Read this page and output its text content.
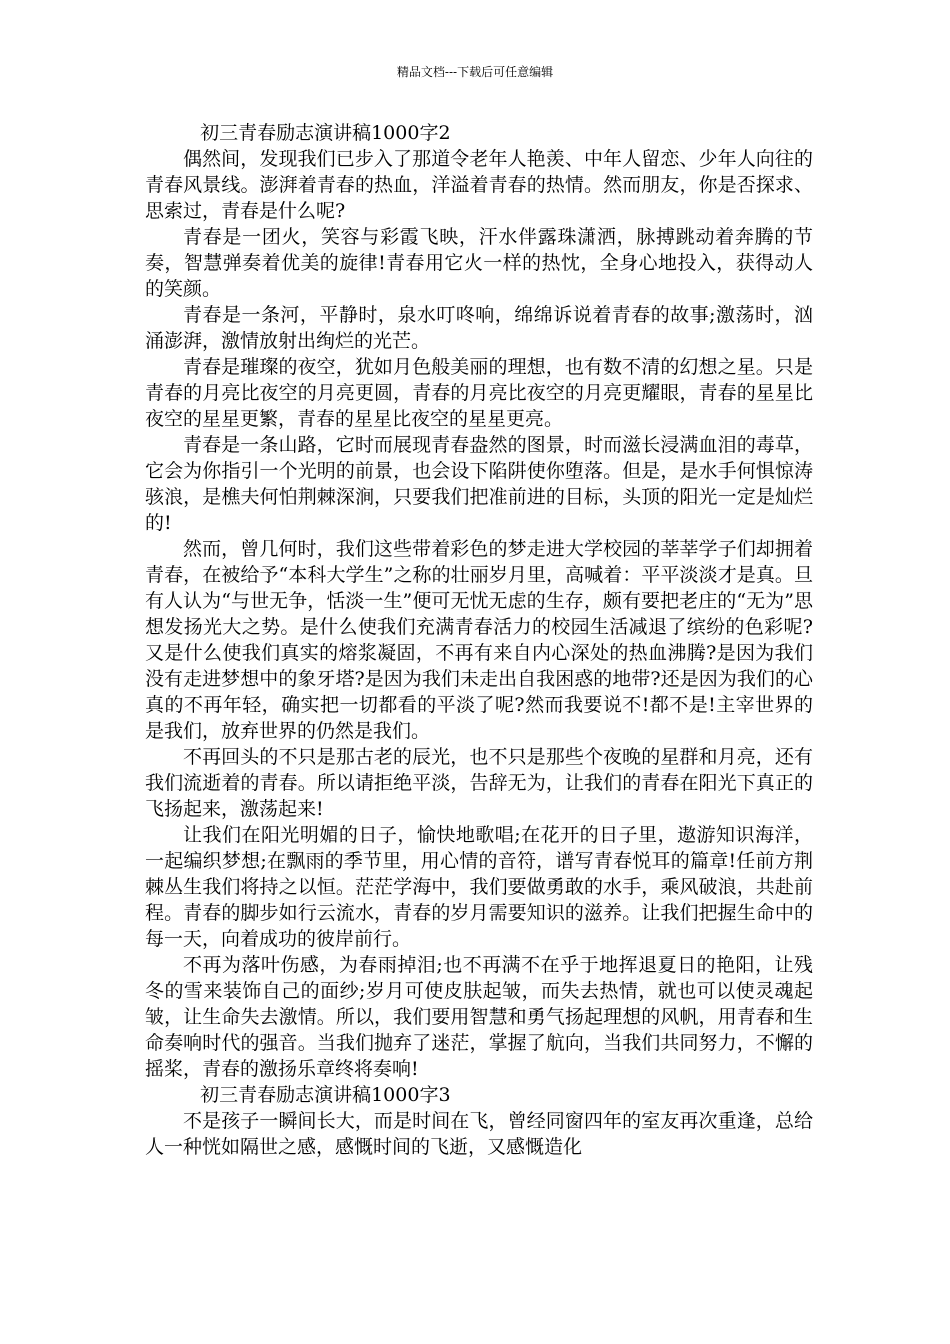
精品文档---下载后可任意编辑

初三青春励志演讲稿1000字2

偶然间，发现我们已步入了那道令老年人艳羡、中年人留恋、少年人向往的青春风景线。澎湃着青春的热血，洋溢着青春的热情。然而朋友，你是否探求、思索过，青春是什么呢?

青春是一团火，笑容与彩霞飞映，汗水伴露珠潇洒，脉搏跳动着奔腾的节奏，智慧弹奏着优美的旋律!青春用它火一样的热忱，全身心地投入，获得动人的笑颜。

青春是一条河，平静时，泉水叮咚响，绵绵诉说着青春的故事;激荡时，汹涌澎湃，激情放射出绚烂的光芒。

青春是璀璨的夜空，犹如月色般美丽的理想，也有数不清的幻想之星。只是青春的月亮比夜空的月亮更圆，青春的月亮比夜空的月亮更耀眼，青春的星星比夜空的星星更繁，青春的星星比夜空的星星更亮。

青春是一条山路，它时而展现青春盎然的图景，时而滋长浸满血泪的毒草，它会为你指引一个光明的前景，也会设下陷阱使你堕落。但是，是水手何惧惊涛骇浪，是樵夫何怕荆棘深涧，只要我们把准前进的目标，头顶的阳光一定是灿烂的!

然而，曾几何时，我们这些带着彩色的梦走进大学校园的莘莘学子们却拥着青春，在被给予“本科大学生”之称的壮丽岁月里，高喊着：平平淡淡才是真。旦有人认为“与世无争，恬淡一生”便可无忧无虑的生存，颇有要把老庄的“无为”思想发扬光大之势。是什么使我们充满青春活力的校园生活减退了缤纷的色彩呢?又是什么使我们真实的熔浆凝固，不再有来自内心深处的热血沸腾?是因为我们没有走进梦想中的象牙塔?是因为我们未走出自我困惑的地带?还是因为我们的心真的不再年轻，确实把一切都看的平淡了呢?然而我要说不!都不是!主宰世界的是我们，放弃世界的仍然是我们。

不再回头的不只是那古老的辰光，也不只是那些个夜晚的星群和月亮，还有我们流逝着的青春。所以请拒绝平淡，告辞无为，让我们的青春在阳光下真正的飞扬起来，激荡起来!

让我们在阳光明媚的日子，愉快地歌唱;在花开的日子里，遨游知识海洋，一起编织梦想;在飘雨的季节里，用心情的音符，谱写青春悦耳的篇章!任前方荆棘丛生我们将持之以恒。茫茫学海中，我们要做勇敢的水手，乘风破浪，共赴前程。青春的脚步如行云流水，青春的岁月需要知识的滋养。让我们把握生命中的每一天，向着成功的彼岸前行。

不再为落叶伤感，为春雨掉泪;也不再满不在乎于地挥退夏日的艳阳，让残冬的雪来装饰自己的面纱;岁月可使皮肤起皱，而失去热情，就也可以使灵魂起皱，让生命失去激情。所以，我们要用智慧和勇气扬起理想的风帆，用青春和生命奏响时代的强音。当我们抛弃了迷茫，掌握了航向，当我们共同努力，不懈的摇桨，青春的激扬乐章终将奏响!

初三青春励志演讲稿1000字3

不是孩子一瞬间长大，而是时间在飞，曾经同窗四年的室友再次重逢，总给人一种恍如隔世之感，感慨时间的飞逝，又感慨造化
